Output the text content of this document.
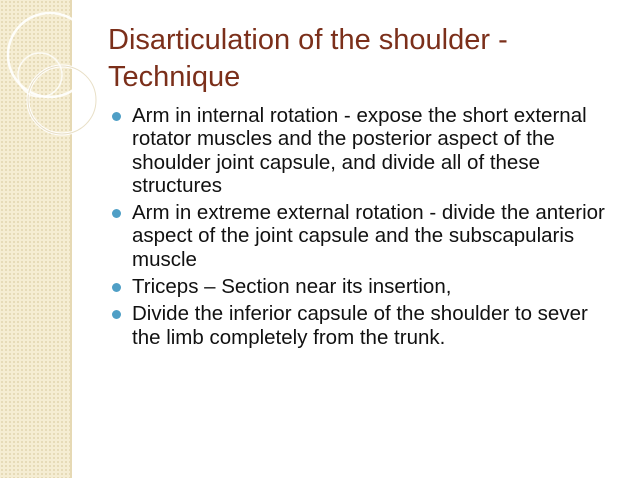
Disarticulation of the shoulder - Technique
Arm in internal rotation - expose the short external rotator muscles and the posterior aspect of the shoulder joint capsule, and divide all of these structures
Arm in extreme external rotation - divide the anterior aspect of the joint capsule and the subscapularis muscle
Triceps – Section near its insertion,
Divide the inferior capsule of the shoulder to sever the limb completely from the trunk.
